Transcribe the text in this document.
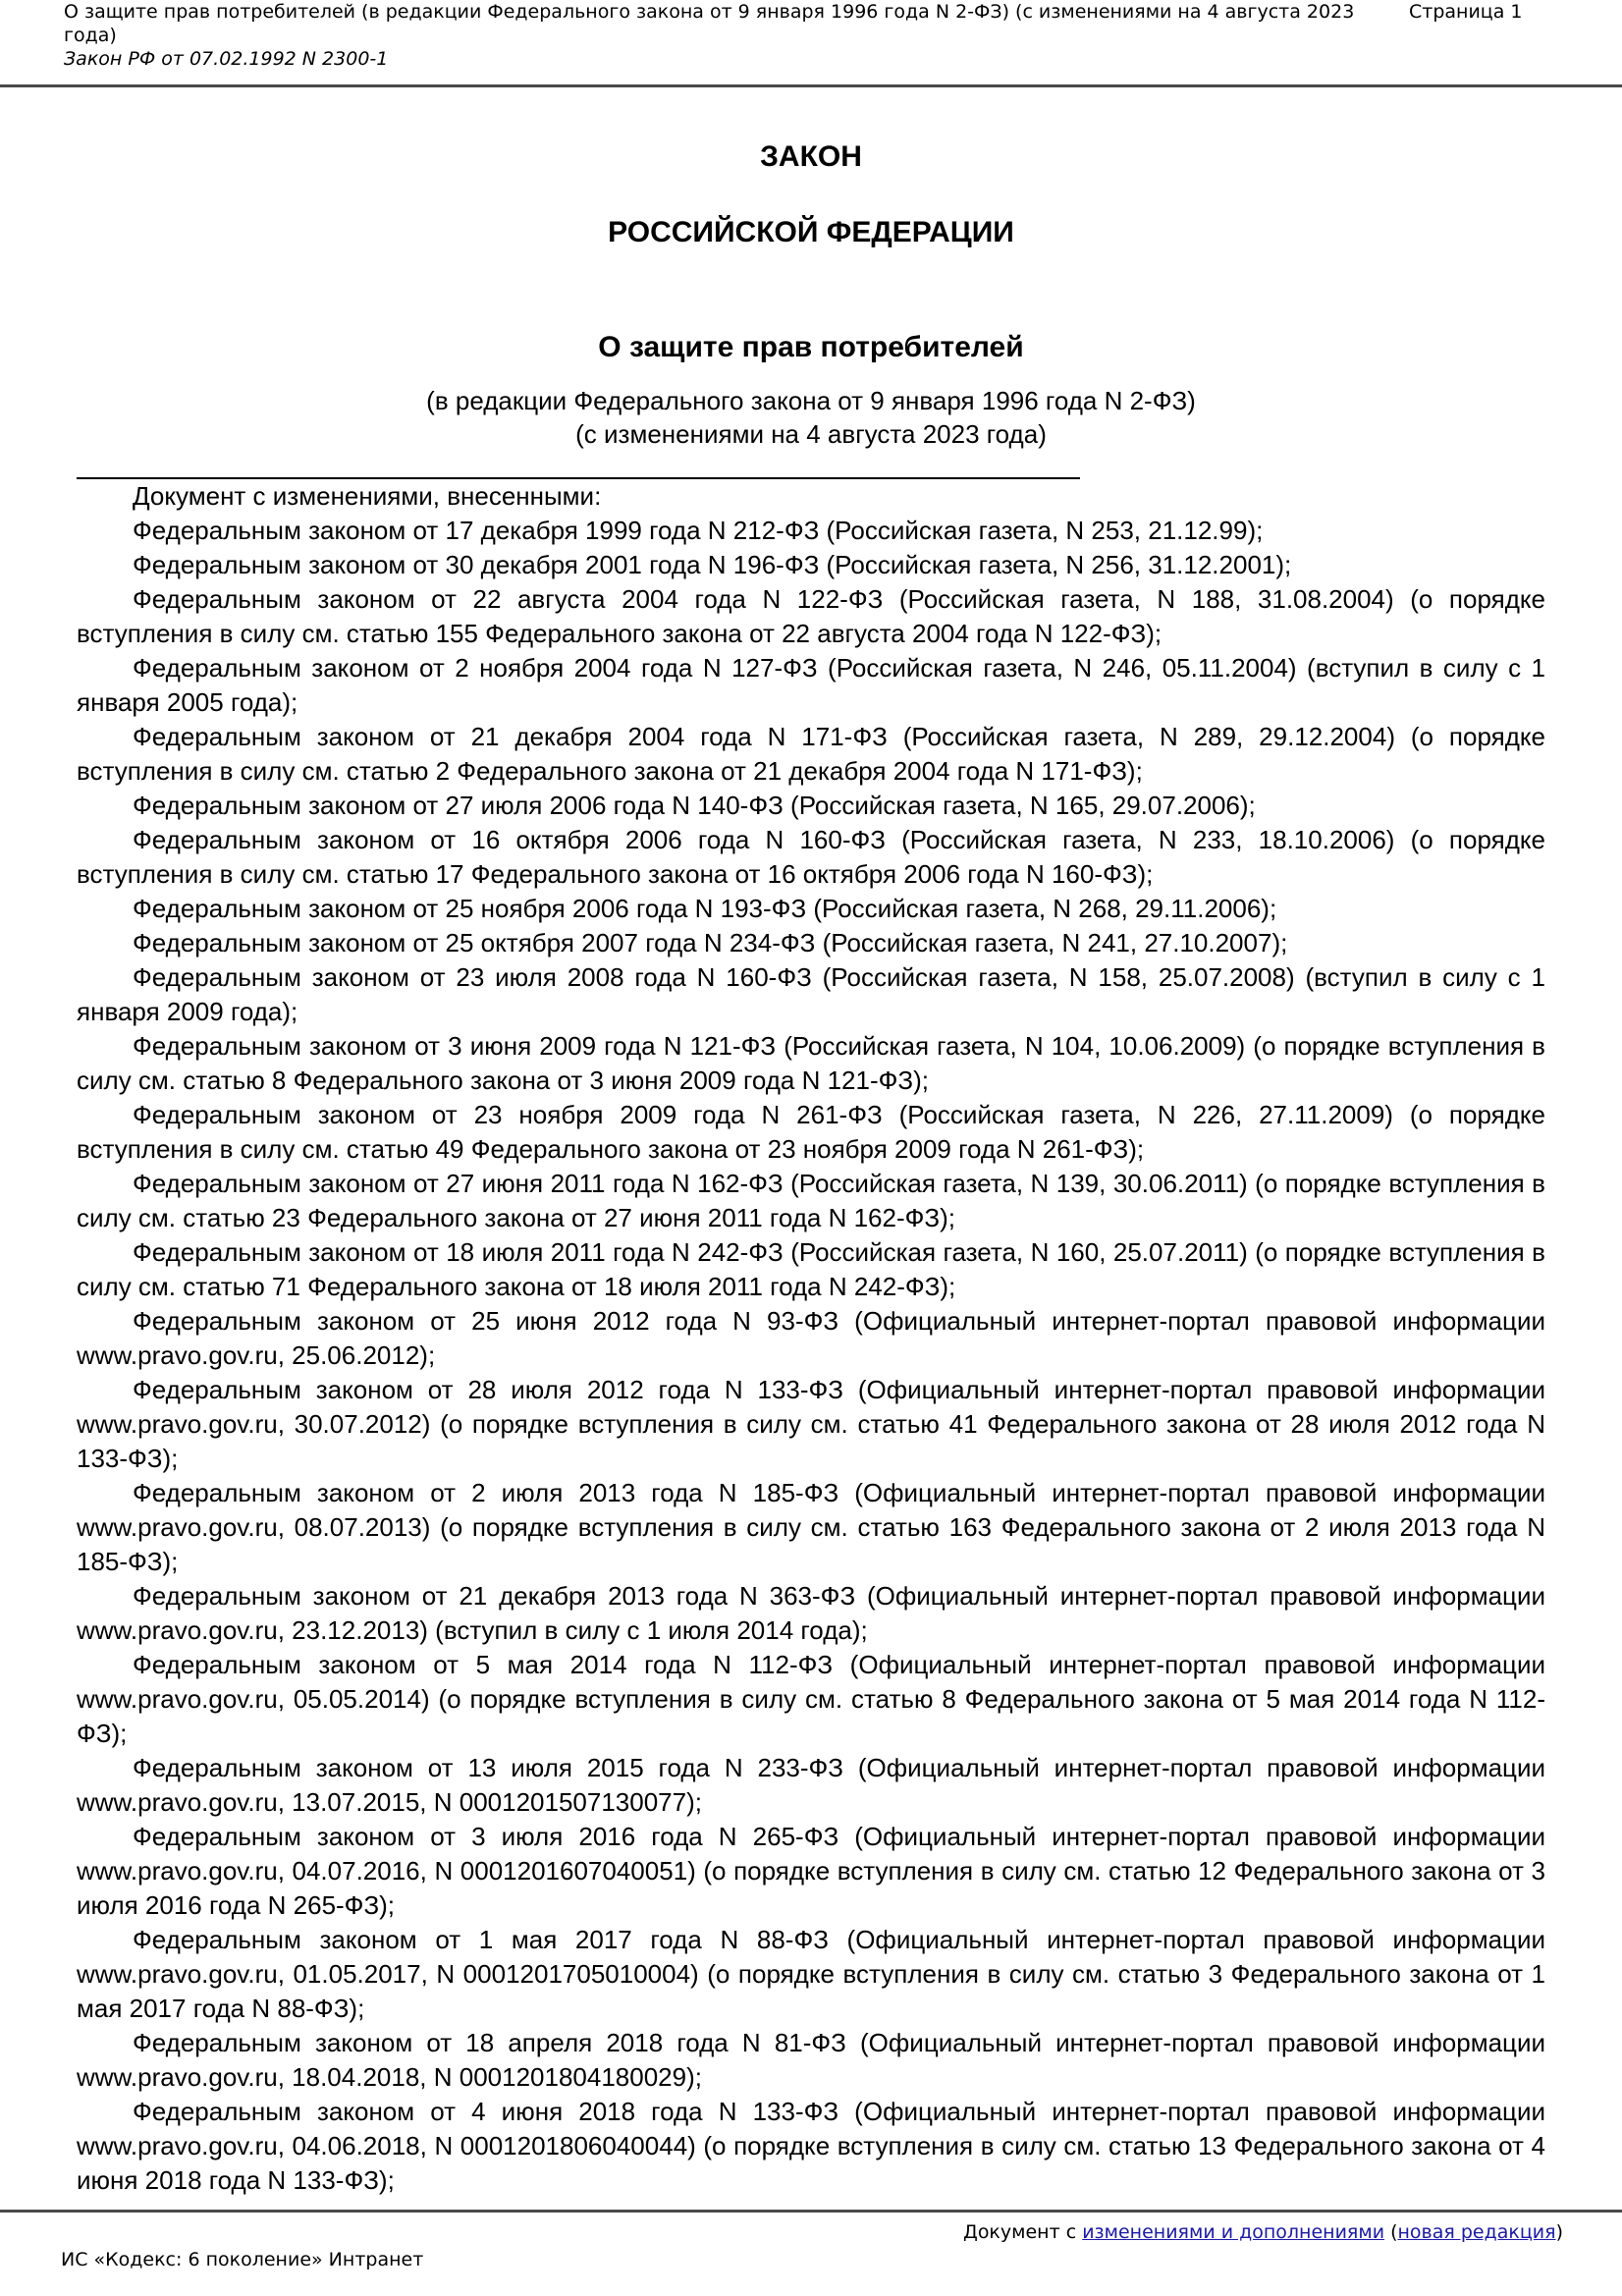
О защите прав потребителей (в редакции Федерального закона от 9 января 1996 года N 2-ФЗ) (с изменениями на 4 августа 2023 года)
Закон РФ от 07.02.1992 N 2300-1
Страница 1
ЗАКОН
РОССИЙСКОЙ ФЕДЕРАЦИИ
О защите прав потребителей
(в редакции Федерального закона от 9 января 1996 года N 2-ФЗ)
(с изменениями на 4 августа 2023 года)

Документ с изменениями, внесенными:

Федеральным законом от 17 декабря 1999 года N 212-ФЗ (Российская газета, N 253, 21.12.99);

Федеральным законом от 30 декабря 2001 года N 196-ФЗ (Российская газета, N 256, 31.12.2001);

Федеральным законом от 22 августа 2004 года N 122-ФЗ (Российская газета, N 188, 31.08.2004) (о порядке вступления в силу см. статью 155 Федерального закона от 22 августа 2004 года N 122-ФЗ);

Федеральным законом от 2 ноября 2004 года N 127-ФЗ (Российская газета, N 246, 05.11.2004) (вступил в силу с 1 января 2005 года);

Федеральным законом от 21 декабря 2004 года N 171-ФЗ (Российская газета, N 289, 29.12.2004) (о порядке вступления в силу см. статью 2 Федерального закона от 21 декабря 2004 года N 171-ФЗ);

Федеральным законом от 27 июля 2006 года N 140-ФЗ (Российская газета, N 165, 29.07.2006);

Федеральным законом от 16 октября 2006 года N 160-ФЗ (Российская газета, N 233, 18.10.2006) (о порядке вступления в силу см. статью 17 Федерального закона от 16 октября 2006 года N 160-ФЗ);

Федеральным законом от 25 ноября 2006 года N 193-ФЗ (Российская газета, N 268, 29.11.2006);

Федеральным законом от 25 октября 2007 года N 234-ФЗ (Российская газета, N 241, 27.10.2007);

Федеральным законом от 23 июля 2008 года N 160-ФЗ (Российская газета, N 158, 25.07.2008) (вступил в силу с 1 января 2009 года);

Федеральным законом от 3 июня 2009 года N 121-ФЗ (Российская газета, N 104, 10.06.2009) (о порядке вступления в силу см. статью 8 Федерального закона от 3 июня 2009 года N 121-ФЗ);

Федеральным законом от 23 ноября 2009 года N 261-ФЗ (Российская газета, N 226, 27.11.2009) (о порядке вступления в силу см. статью 49 Федерального закона от 23 ноября 2009 года N 261-ФЗ);

Федеральным законом от 27 июня 2011 года N 162-ФЗ (Российская газета, N 139, 30.06.2011) (о порядке вступления в силу см. статью 23 Федерального закона от 27 июня 2011 года N 162-ФЗ);

Федеральным законом от 18 июля 2011 года N 242-ФЗ (Российская газета, N 160, 25.07.2011) (о порядке вступления в силу см. статью 71 Федерального закона от 18 июля 2011 года N 242-ФЗ);

Федеральным законом от 25 июня 2012 года N 93-ФЗ (Официальный интернет-портал правовой информации www.pravo.gov.ru, 25.06.2012);

Федеральным законом от 28 июля 2012 года N 133-ФЗ (Официальный интернет-портал правовой информации www.pravo.gov.ru, 30.07.2012) (о порядке вступления в силу см. статью 41 Федерального закона от 28 июля 2012 года N 133-ФЗ);

Федеральным законом от 2 июля 2013 года N 185-ФЗ (Официальный интернет-портал правовой информации www.pravo.gov.ru, 08.07.2013) (о порядке вступления в силу см. статью 163 Федерального закона от 2 июля 2013 года N 185-ФЗ);

Федеральным законом от 21 декабря 2013 года N 363-ФЗ (Официальный интернет-портал правовой информации www.pravo.gov.ru, 23.12.2013) (вступил в силу с 1 июля 2014 года);

Федеральным законом от 5 мая 2014 года N 112-ФЗ (Официальный интернет-портал правовой информации www.pravo.gov.ru, 05.05.2014) (о порядке вступления в силу см. статью 8 Федерального закона от 5 мая 2014 года N 112-ФЗ);

Федеральным законом от 13 июля 2015 года N 233-ФЗ (Официальный интернет-портал правовой информации www.pravo.gov.ru, 13.07.2015, N 0001201507130077);

Федеральным законом от 3 июля 2016 года N 265-ФЗ (Официальный интернет-портал правовой информации www.pravo.gov.ru, 04.07.2016, N 0001201607040051) (о порядке вступления в силу см. статью 12 Федерального закона от 3 июля 2016 года N 265-ФЗ);

Федеральным законом от 1 мая 2017 года N 88-ФЗ (Официальный интернет-портал правовой информации www.pravo.gov.ru, 01.05.2017, N 0001201705010004) (о порядке вступления в силу см. статью 3 Федерального закона от 1 мая 2017 года N 88-ФЗ);

Федеральным законом от 18 апреля 2018 года N 81-ФЗ (Официальный интернет-портал правовой информации www.pravo.gov.ru, 18.04.2018, N 0001201804180029);

Федеральным законом от 4 июня 2018 года N 133-ФЗ (Официальный интернет-портал правовой информации www.pravo.gov.ru, 04.06.2018, N 0001201806040044) (о порядке вступления в силу см. статью 13 Федерального закона от 4 июня 2018 года N 133-ФЗ);

Документ с изменениями и дополнениями (новая редакция)
ИС «Кодекс: 6 поколение» Интранет
